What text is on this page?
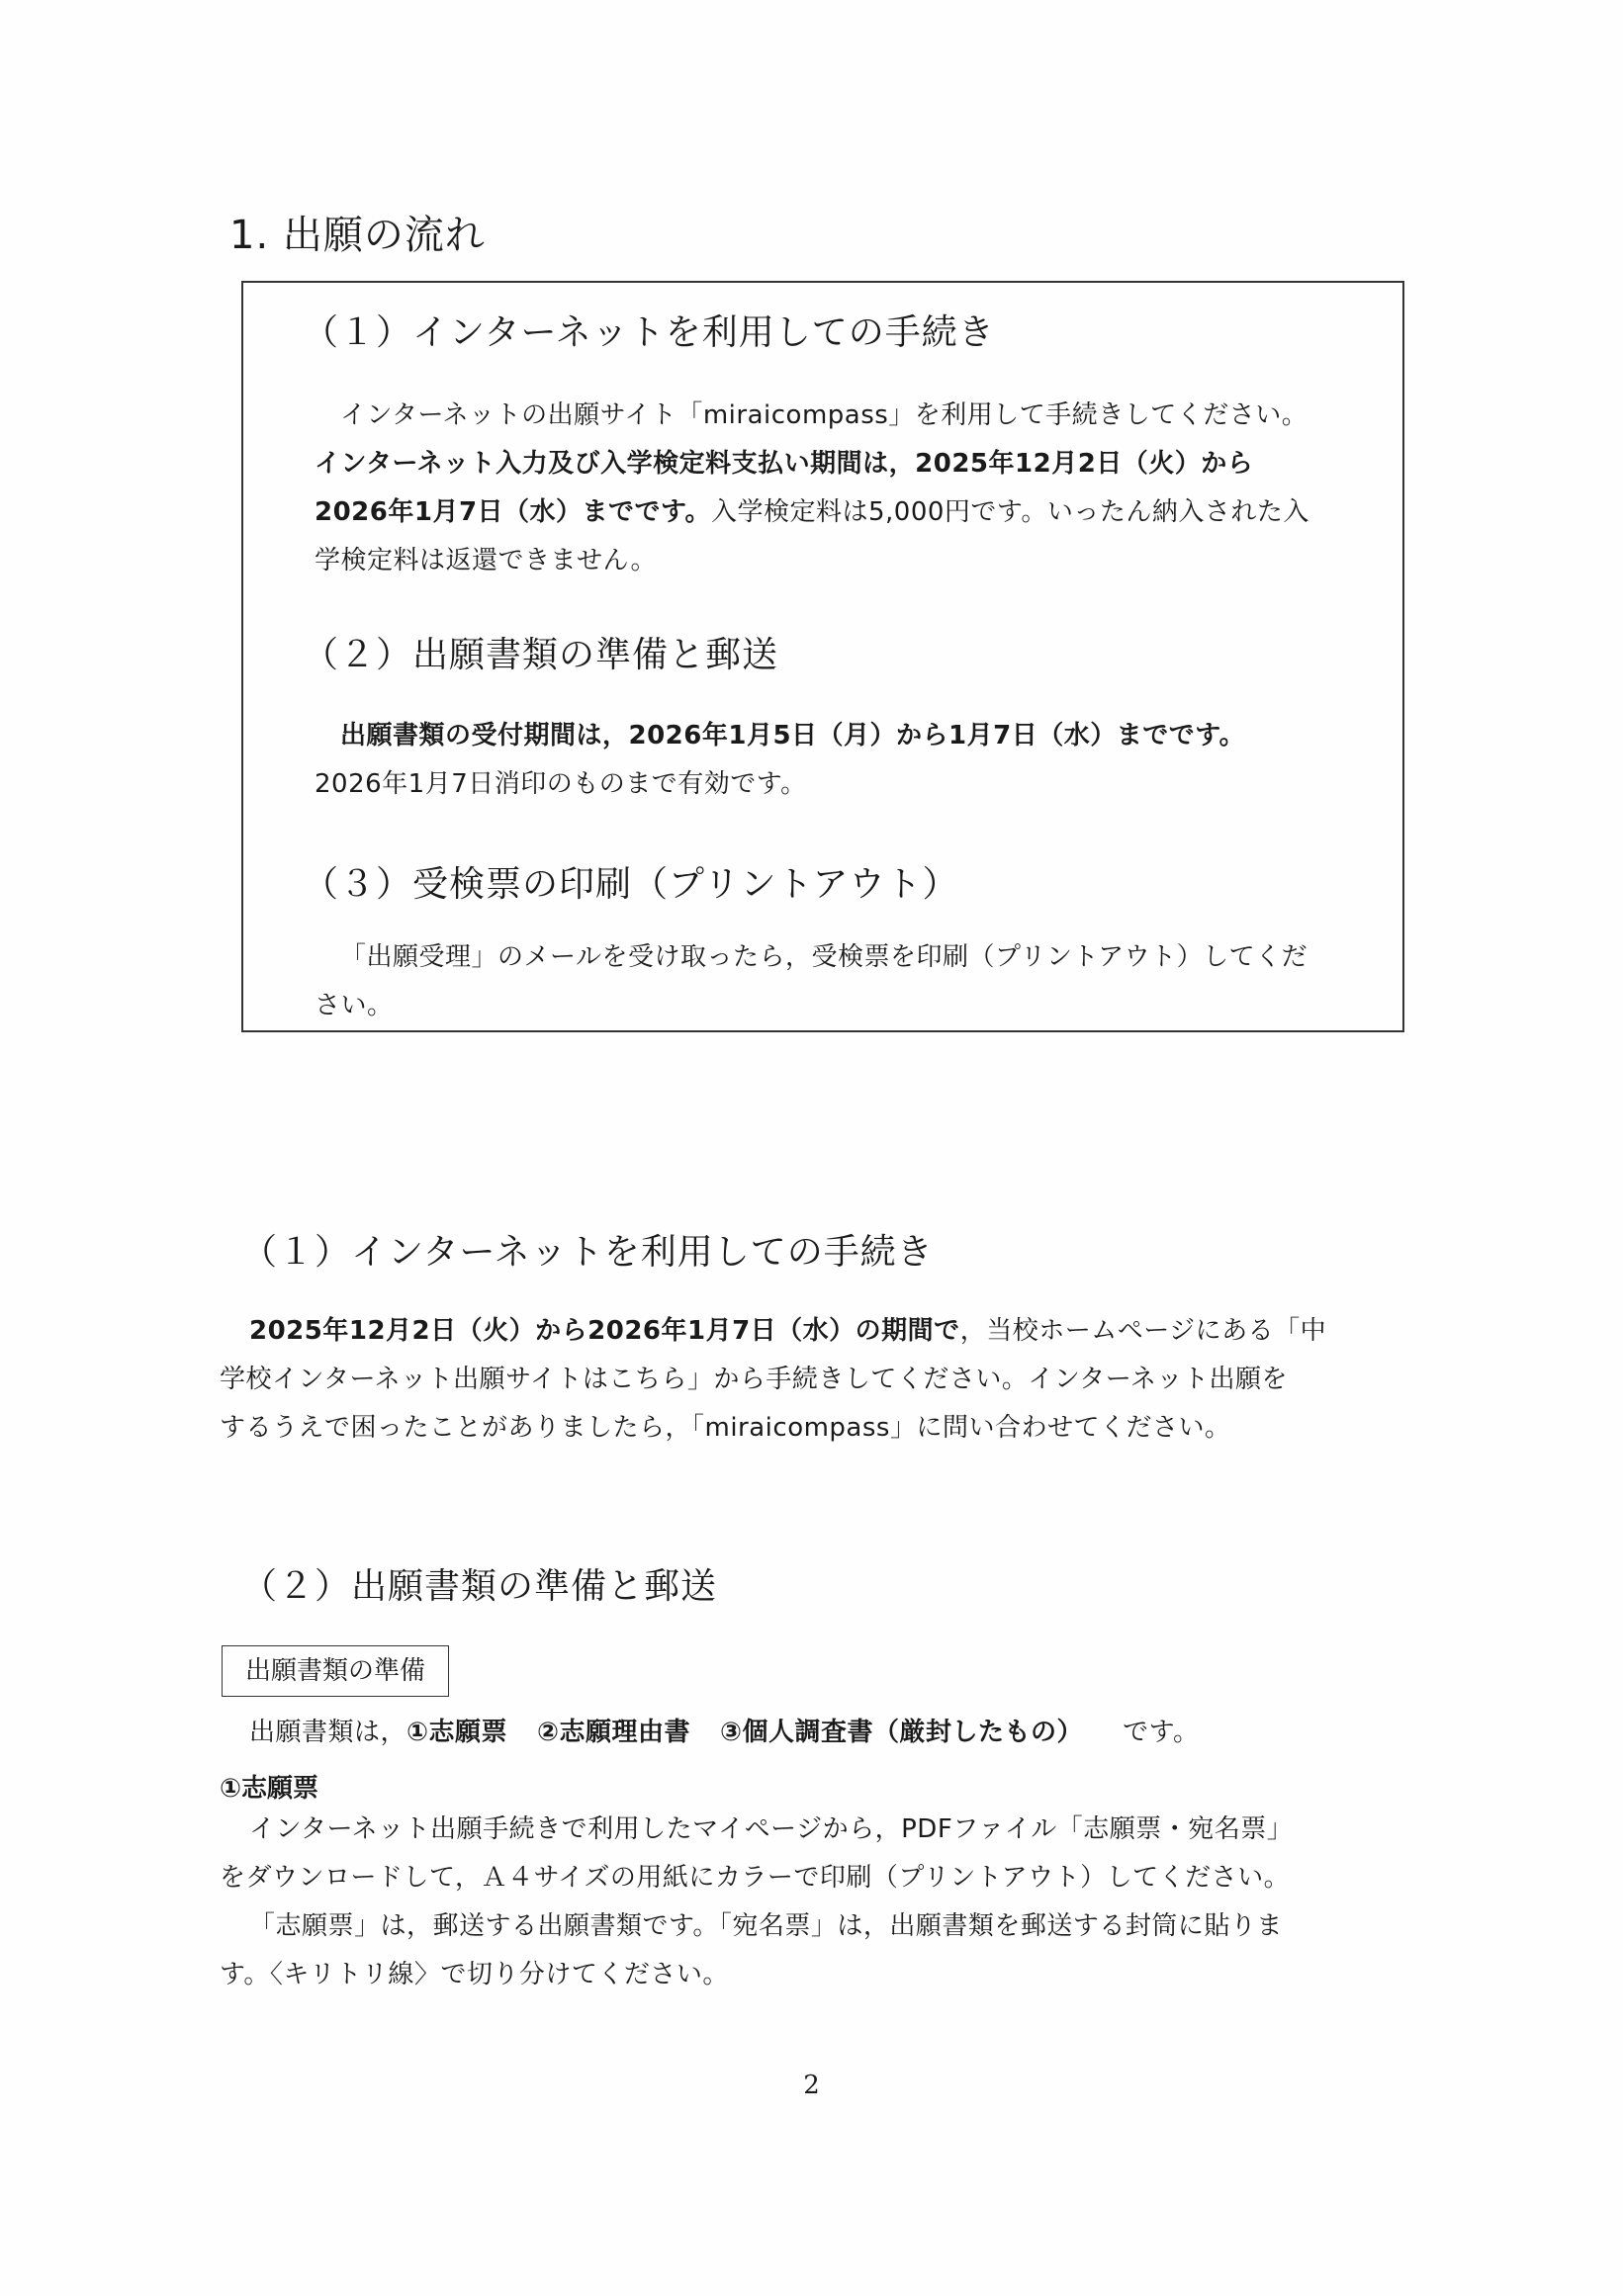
1. 出願の流れ
（１）インターネットを利用しての手続き
インターネットの出願サイト「miraicompass」を利用して手続きしてください。
インターネット入力及び入学検定料支払い期間は，2025年12月2日（火）から
2026年1月7日（水）までです。入学検定料は5,000円です。いったん納入された入
学検定料は返還できません。
（２）出願書類の準備と郵送
出願書類の受付期間は，2026年1月5日（月）から1月7日（水）までです。
2026年1月7日消印のものまで有効です。
（３）受検票の印刷（プリントアウト）
「出願受理」のメールを受け取ったら，受検票を印刷（プリントアウト）してくだ
さい。
（１）インターネットを利用しての手続き
2025年12月2日（火）から2026年1月7日（水）の期間で，当校ホームページにある「中
学校インターネット出願サイトはこちら」から手続きしてください。インターネット出願を
するうえで困ったことがありましたら，「miraicompass」に問い合わせてください。
（２）出願書類の準備と郵送
出願書類の準備
出願書類は，①志願票 ②志願理由書 ③個人調査書（厳封したもの） です。
①志願票
インターネット出願手続きで利用したマイページから，PDFファイル「志願票・宛名票」
をダウンロードして，Ａ４サイズの用紙にカラーで印刷（プリントアウト）してください。
「志願票」は，郵送する出願書類です。「宛名票」は，出願書類を郵送する封筒に貼りま
す。〈キリトリ線〉で切り分けてください。
2
